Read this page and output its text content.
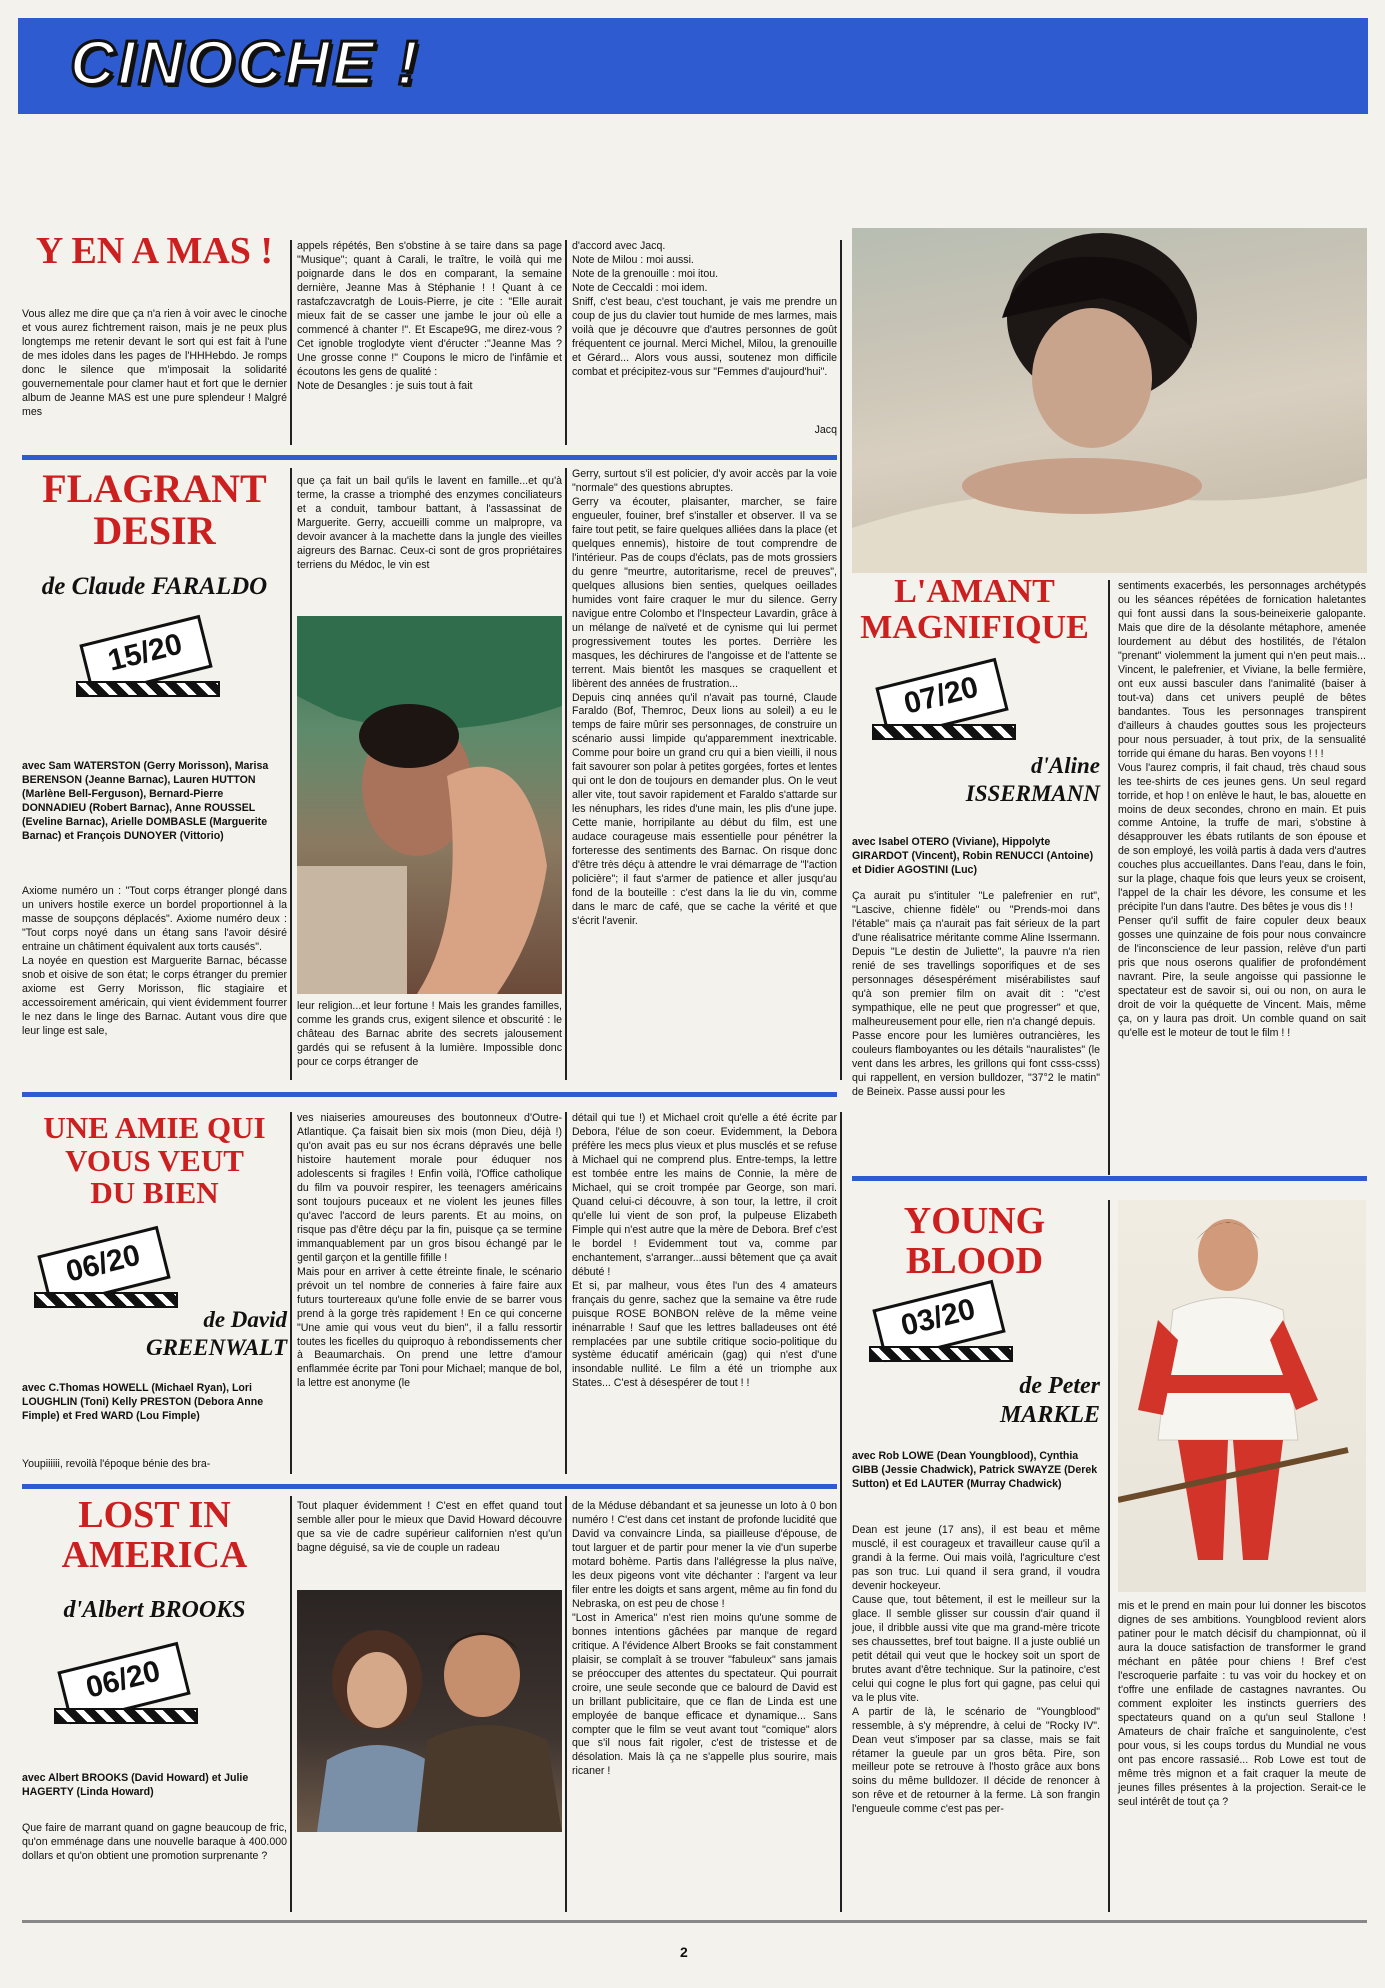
CINOCHE !
Y EN A MAS !
Vous allez me dire que ça n'a rien à voir avec le cinoche et vous aurez fichtrement raison, mais je ne peux plus longtemps me retenir devant le sort qui est fait à l'une de mes idoles dans les pages de l'HHHebdo. Je romps donc le silence que m'imposait la solidarité gouvernementale pour clamer haut et fort que le dernier album de Jeanne MAS est une pure splendeur ! Malgré mes
appels répétés, Ben s'obstine à se taire dans sa page "Musique"; quant à Carali, le traître, le voilà qui me poignarde dans le dos en comparant, la semaine dernière, Jeanne Mas à Stéphanie ! ! Quant à ce rastafczavcratgh de Louis-Pierre, je cite : "Elle aurait mieux fait de se casser une jambe le jour où elle a commencé à chanter !". Et Escape9G, me direz-vous ? Cet ignoble troglodyte vient d'éructer :"Jeanne Mas ? Une grosse conne !" Coupons le micro de l'infâmie et écoutons les gens de qualité :
Note de Desangles : je suis tout à fait
d'accord avec Jacq.
Note de Milou : moi aussi.
Note de la grenouille : moi itou.
Note de Ceccaldi : moi idem.
Sniff, c'est beau, c'est touchant, je vais me prendre un coup de jus du clavier tout humide de mes larmes, mais voilà que je découvre que d'autres personnes de goût fréquentent ce journal. Merci Michel, Milou, la grenouille et Gérard... Alors vous aussi, soutenez mon difficile combat et précipitez-vous sur "Femmes d'aujourd'hui".
Jacq
FLAGRANT
DESIR
de Claude FARALDO
15/20
avec Sam WATERSTON (Gerry Morisson), Marisa BERENSON (Jeanne Barnac), Lauren HUTTON (Marlène Bell-Ferguson), Bernard-Pierre DONNADIEU (Robert Barnac), Anne ROUSSEL (Eveline Barnac), Arielle DOMBASLE (Marguerite Barnac) et François DUNOYER (Vittorio)
Axiome numéro un : "Tout corps étranger plongé dans un univers hostile exerce un bordel proportionnel à la masse de soupçons déplacés". Axiome numéro deux : "Tout corps noyé dans un étang sans l'avoir désiré entraine un châtiment équivalent aux torts causés".
La noyée en question est Marguerite Barnac, bécasse snob et oisive de son état; le corps étranger du premier axiome est Gerry Morisson, flic stagiaire et accessoirement américain, qui vient évidemment fourrer le nez dans le linge des Barnac. Autant vous dire que leur linge est sale,
que ça fait un bail qu'ils le lavent en famille...et qu'à terme, la crasse a triomphé des enzymes conciliateurs et a conduit, tambour battant, à l'assassinat de Marguerite. Gerry, accueilli comme un malpropre, va devoir avancer à la machette dans la jungle des vieilles aigreurs des Barnac. Ceux-ci sont de gros propriétaires terriens du Médoc, le vin est
leur religion...et leur fortune ! Mais les grandes familles, comme les grands crus, exigent silence et obscurité : le château des Barnac abrite des secrets jalousement gardés qui se refusent à la lumière. Impossible donc pour ce corps étranger de
Gerry, surtout s'il est policier, d'y avoir accès par la voie "normale" des questions abruptes.
Gerry va écouter, plaisanter, marcher, se faire engueuler, fouiner, bref s'installer et observer. Il va se faire tout petit, se faire quelques alliées dans la place (et quelques ennemis), histoire de tout comprendre de l'intérieur. Pas de coups d'éclats, pas de mots grossiers du genre "meurtre, autoritarisme, recel de preuves", quelques allusions bien senties, quelques oeillades humides vont faire craquer le mur du silence. Gerry navigue entre Colombo et l'Inspecteur Lavardin, grâce à un mélange de naïveté et de cynisme qui lui permet progressivement toutes les portes. Derrière les masques, les déchirures de l'angoisse et de l'attente se terrent. Mais bientôt les masques se craquellent et libèrent des années de frustration...
Depuis cinq années qu'il n'avait pas tourné, Claude Faraldo (Bof, Themroc, Deux lions au soleil) a eu le temps de faire mûrir ses personnages, de construire un scénario aussi limpide qu'apparemment inextricable. Comme pour boire un grand cru qui a bien vieilli, il nous fait savourer son polar à petites gorgées, fortes et lentes qui ont le don de toujours en demander plus. On le veut aller vite, tout savoir rapidement et Faraldo s'attarde sur les nénuphars, les rides d'une main, les plis d'une jupe. Cette manie, horripilante au début du film, est une audace courageuse mais essentielle pour pénétrer la forteresse des sentiments des Barnac. On risque donc d'être très déçu à attendre le vrai démarrage de "l'action policière"; il faut s'armer de patience et aller jusqu'au fond de la bouteille : c'est dans la lie du vin, comme dans le marc de café, que se cache la vérité et que s'écrit l'avenir.
L'AMANT
MAGNIFIQUE
07/20
d'Aline
ISSERMANN
avec Isabel OTERO (Viviane), Hippolyte GIRARDOT (Vincent), Robin RENUCCI (Antoine) et Didier AGOSTINI (Luc)
Ça aurait pu s'intituler "Le palefrenier en rut", "Lascive, chienne fidèle" ou "Prends-moi dans l'étable" mais ça n'aurait pas fait sérieux de la part d'une réalisatrice méritante comme Aline Issermann. Depuis "Le destin de Juliette", la pauvre n'a rien renié de ses travellings soporifiques et de ses personnages désespérément misérabilistes sauf qu'à son premier film on avait dit : "c'est sympathique, elle ne peut que progresser" et que, malheureusement pour elle, rien n'a changé depuis.
Passe encore pour les lumières outrancières, les couleurs flamboyantes ou les détails "nauralistes" (le vent dans les arbres, les grillons qui font csss-csss) qui rappellent, en version bulldozer, "37°2 le matin" de Beineix. Passe aussi pour les
sentiments exacerbés, les personnages archétypés ou les séances répétées de fornication haletantes qui font aussi dans la sous-beineixerie galopante. Mais que dire de la désolante métaphore, amenée lourdement au début des hostilités, de l'étalon "prenant" violemment la jument qui n'en peut mais... Vincent, le palefrenier, et Viviane, la belle fermière, ont eux aussi basculer dans l'animalité (baiser à tout-va) dans cet univers peuplé de bêtes bandantes. Tous les personnages transpirent d'ailleurs à chaudes gouttes sous les projecteurs pour nous persuader, à tout prix, de la sensualité torride qui émane du haras. Ben voyons ! ! !
Vous l'aurez compris, il fait chaud, très chaud sous les tee-shirts de ces jeunes gens. Un seul regard torride, et hop ! on enlève le haut, le bas, alouette en moins de deux secondes, chrono en main. Et puis comme Antoine, la truffe de mari, s'obstine à désapprouver les ébats rutilants de son épouse et de son employé, les voilà partis à dada vers d'autres couches plus accueillantes. Dans l'eau, dans le foin, sur la plage, chaque fois que leurs yeux se croisent, l'appel de la chair les dévore, les consume et les précipite l'un dans l'autre. Des bêtes je vous dis ! !
Penser qu'il suffit de faire copuler deux beaux gosses une quinzaine de fois pour nous convaincre de l'inconscience de leur passion, relève d'un parti pris que nous oserons qualifier de profondément navrant. Pire, la seule angoisse qui passionne le spectateur est de savoir si, oui ou non, on aura le droit de voir la quéquette de Vincent. Mais, même ça, on y laura pas droit. Un comble quand on sait qu'elle est le moteur de tout le film ! !
UNE AMIE QUI
VOUS VEUT
DU BIEN
06/20
de David
GREENWALT
avec C.Thomas HOWELL (Michael Ryan), Lori LOUGHLIN (Toni) Kelly PRESTON (Debora Anne Fimple) et Fred WARD (Lou Fimple)
Youpiiiiii, revoilà l'époque bénie des bra-
ves niaiseries amoureuses des boutonneux d'Outre-Atlantique. Ça faisait bien six mois (mon Dieu, déjà !) qu'on avait pas eu sur nos écrans dépravés une belle histoire hautement morale pour éduquer nos adolescents si fragiles ! Enfin voilà, l'Office catholique du film va pouvoir respirer, les teenagers américains sont toujours puceaux et ne violent les jeunes filles qu'avec l'accord de leurs parents. Et au moins, on risque pas d'être déçu par la fin, puisque ça se termine immanquablement par un gros bisou échangé par le gentil garçon et la gentille fifille !
Mais pour en arriver à cette étreinte finale, le scénario prévoit un tel nombre de conneries à faire faire aux futurs tourtereaux qu'une folle envie de se barrer vous prend à la gorge très rapidement ! En ce qui concerne "Une amie qui vous veut du bien", il a fallu ressortir toutes les ficelles du quiproquo à rebondissements cher à Beaumarchais. On prend une lettre d'amour enflammée écrite par Toni pour Michael; manque de bol, la lettre est anonyme (le
détail qui tue !) et Michael croit qu'elle a été écrite par Debora, l'élue de son coeur. Evidemment, la Debora préfère les mecs plus vieux et plus musclés et se refuse à Michael qui ne comprend plus. Entre-temps, la lettre est tombée entre les mains de Connie, la mère de Michael, qui se croit trompée par George, son mari. Quand celui-ci découvre, à son tour, la lettre, il croit qu'elle lui vient de son prof, la pulpeuse Elizabeth Fimple qui n'est autre que la mère de Debora. Bref c'est le bordel ! Evidemment tout va, comme par enchantement, s'arranger...aussi bêtement que ça avait débuté !
Et si, par malheur, vous êtes l'un des 4 amateurs français du genre, sachez que la semaine va être rude puisque ROSE BONBON relève de la même veine inénarrable ! Sauf que les lettres balladeuses ont été remplacées par une subtile critique socio-politique du système éducatif américain (gag) qui n'est d'une insondable nullité. Le film a été un triomphe aux States... C'est à désespérer de tout ! !
LOST IN
AMERICA
d'Albert BROOKS
06/20
avec Albert BROOKS (David Howard) et Julie HAGERTY (Linda Howard)
Que faire de marrant quand on gagne beaucoup de fric, qu'on emménage dans une nouvelle baraque à 400.000 dollars et qu'on obtient une promotion surprenante ?
Tout plaquer évidemment ! C'est en effet quand tout semble aller pour le mieux que David Howard découvre que sa vie de cadre supérieur californien n'est qu'un bagne déguisé, sa vie de couple un radeau
de la Méduse débandant et sa jeunesse un loto à 0 bon numéro ! C'est dans cet instant de profonde lucidité que David va convaincre Linda, sa piailleuse d'épouse, de tout larguer et de partir pour mener la vie d'un superbe motard bohème. Partis dans l'allégresse la plus naïve, les deux pigeons vont vite déchanter : l'argent va leur filer entre les doigts et sans argent, même au fin fond du Nebraska, on est peu de chose !
"Lost in America" n'est rien moins qu'une somme de bonnes intentions gâchées par manque de regard critique. A l'évidence Albert Brooks se fait constamment plaisir, se complaît à se trouver "fabuleux" sans jamais se préoccuper des attentes du spectateur. Qui pourrait croire, une seule seconde que ce balourd de David est un brillant publicitaire, que ce flan de Linda est une employée de banque efficace et dynamique... Sans compter que le film se veut avant tout "comique" alors que s'il nous fait rigoler, c'est de tristesse et de désolation. Mais là ça ne s'appelle plus sourire, mais ricaner !
YOUNG
BLOOD
03/20
de Peter
MARKLE
avec Rob LOWE (Dean Youngblood), Cynthia GIBB (Jessie Chadwick), Patrick SWAYZE (Derek Sutton) et Ed LAUTER (Murray Chadwick)
Dean est jeune (17 ans), il est beau et même musclé, il est courageux et travailleur cause qu'il a grandi à la ferme. Oui mais voilà, l'agriculture c'est pas son truc. Lui quand il sera grand, il voudra devenir hockeyeur.
Cause que, tout bêtement, il est le meilleur sur la glace. Il semble glisser sur coussin d'air quand il joue, il dribble aussi vite que ma grand-mère tricote ses chaussettes, bref tout baigne. Il a juste oublié un petit détail qui veut que le hockey soit un sport de brutes avant d'être technique. Sur la patinoire, c'est celui qui cogne le plus fort qui gagne, pas celui qui va le plus vite.
A partir de là, le scénario de "Youngblood" ressemble, à s'y méprendre, à celui de "Rocky IV". Dean veut s'imposer par sa classe, mais se fait rétamer la gueule par un gros bêta. Pire, son meilleur pote se retrouve à l'hosto grâce aux bons soins du même bulldozer. Il décide de renoncer à son rêve et de retourner à la ferme. Là son frangin l'engueule comme c'est pas per-
mis et le prend en main pour lui donner les biscotos dignes de ses ambitions. Youngblood revient alors patiner pour le match décisif du championnat, où il aura la douce satisfaction de transformer le grand méchant en pâtée pour chiens ! Bref c'est l'escroquerie parfaite : tu vas voir du hockey et on t'offre une enfilade de castagnes navrantes. Ou comment exploiter les instincts guerriers des spectateurs quand on a qu'un seul Stallone ! Amateurs de chair fraîche et sanguinolente, c'est pour vous, si les coups tordus du Mundial ne vous ont pas encore rassasié... Rob Lowe est tout de même très mignon et a fait craquer la meute de jeunes filles présentes à la projection. Serait-ce le seul intérêt de tout ça ?
2
